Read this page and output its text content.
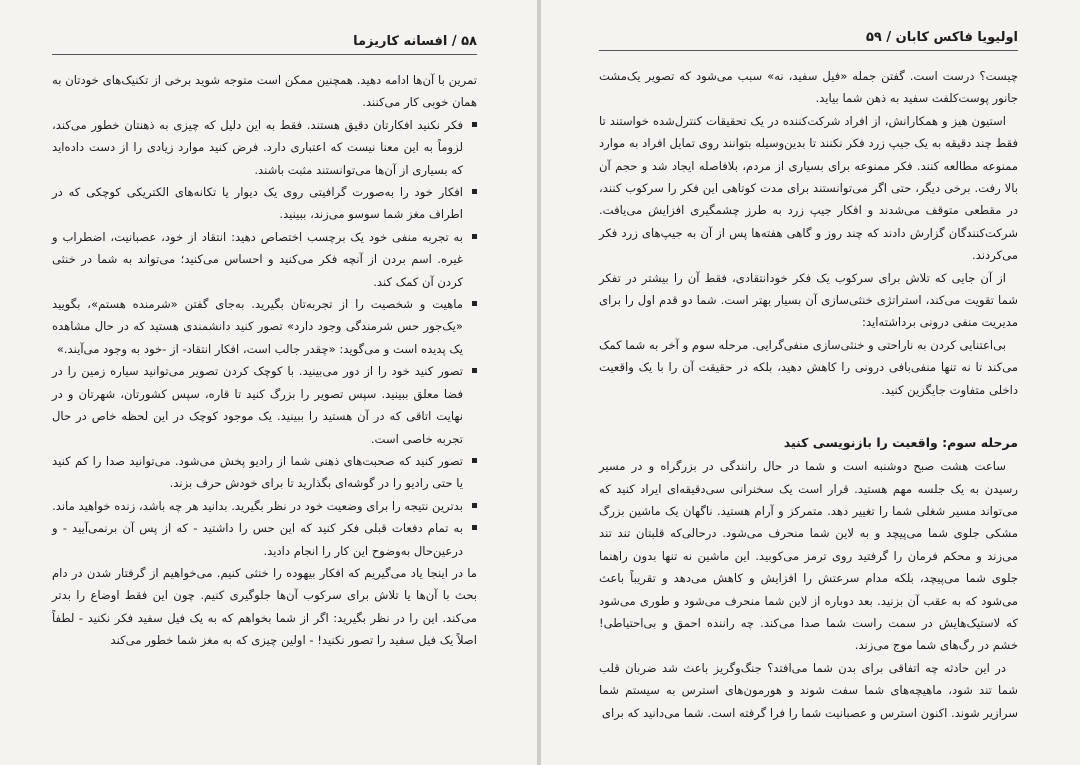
۵۸ / افسانه کاریزما

تمرین با آن‌ها ادامه دهید. همچنین ممکن است متوجه شوید برخی از تکنیک‌های خودتان به همان خوبی کار می‌کنند.

فکر نکنید افکارتان دقیق هستند. فقط به این دلیل که چیزی به ذهنتان خطور می‌کند، لزوماً به این معنا نیست که اعتباری دارد. فرض کنید موارد زیادی را از دست داده‌اید که بسیاری از آن‌ها می‌توانستند مثبت باشند.
افکار خود را به‌صورت گرافیتی روی یک دیوار یا تکانه‌های الکتریکی کوچکی که در اطراف مغز شما سوسو می‌زند، ببینید.
به تجربه منفی خود یک برچسب اختصاص دهید: انتقاد از خود، عصبانیت، اضطراب و غیره. اسم بردن از آنچه فکر می‌کنید و احساس می‌کنید؛ می‌تواند به شما در خنثی کردن آن کمک کند.
ماهیت و شخصیت را از تجربه‌تان بگیرید. به‌جای گفتن «شرمنده هستم»، بگویید «یک‌جور حس شرمندگی وجود دارد» تصور کنید دانشمندی هستید که در حال مشاهده یک پدیده است و می‌گوید: «چقدر جالب است، افکار انتقاد- از -خود به وجود می‌آیند.»
تصور کنید خود را از دور می‌بینید. با کوچک کردن تصویر می‌توانید سیاره زمین را در فضا معلق ببینید. سپس تصویر را بزرگ کنید تا قاره، سپس کشورتان، شهرتان و در نهایت اتاقی که در آن هستید را ببینید. یک موجود کوچک در این لحظه خاص در حال تجربه خاصی است.
تصور کنید که صحبت‌های ذهنی شما از رادیو پخش می‌شود. می‌توانید صدا را کم کنید یا حتی رادیو را در گوشه‌ای بگذارید تا برای خودش حرف بزند.
بدترین نتیجه را برای وضعیت خود در نظر بگیرید. بدانید هر چه باشد، زنده خواهید ماند.
به تمام دفعات قبلی فکر کنید که این حس را داشتید - که از پس آن برنمی‌آیید - و درعین‌حال به‌وضوح این کار را انجام دادید.

ما در اینجا یاد می‌گیریم که افکار بیهوده را خنثی کنیم. می‌خواهیم از گرفتار شدن در دام بحث با آن‌ها یا تلاش برای سرکوب آن‌ها جلوگیری کنیم. چون این فقط اوضاع را بدتر می‌کند. این را در نظر بگیرید: اگر از شما بخواهم که به یک فیل سفید فکر نکنید - لطفاً اصلاً یک فیل سفید را تصور نکنید! - اولین چیزی که به مغز شما خطور می‌کند

اولیویا فاکس کابان / ۵۹

چیست؟ درست است. گفتن جمله «فیل سفید، نه» سبب می‌شود که تصویر یک‌مشت جانور پوست‌کلفت سفید به ذهن شما بیاید.

استیون هیز و همکارانش، از افراد شرکت‌کننده در یک تحقیقات کنترل‌شده خواستند تا فقط چند دقیقه به یک جیپ زرد فکر نکنند تا بدین‌وسیله بتوانند روی تمایل افراد به موارد ممنوعه مطالعه کنند. فکر ممنوعه برای بسیاری از مردم، بلافاصله ایجاد شد و حجم آن بالا رفت. برخی دیگر، حتی اگر می‌توانستند برای مدت کوتاهی این فکر را سرکوب کنند، در مقطعی متوقف می‌شدند و افکار جیپ زرد به طرز چشمگیری افزایش می‌یافت. شرکت‌کنندگان گزارش دادند که چند روز و گاهی هفته‌ها پس از آن به جیپ‌های زرد فکر می‌کردند.

از آن جایی که تلاش برای سرکوب یک فکر خودانتقادی، فقط آن را بیشتر در تفکر شما تقویت می‌کند، استراتژی خنثی‌سازی آن بسیار بهتر است. شما دو قدم اول را برای مدیریت منفی درونی برداشته‌اید:

بی‌اعتنایی کردن به ناراحتی و خنثی‌سازی منفی‌گرایی. مرحله سوم و آخر به شما کمک می‌کند تا نه تنها منفی‌بافی درونی را کاهش دهید، بلکه در حقیقت آن را با یک واقعیت داخلی متفاوت جایگزین کنید.

مرحله سوم: واقعیت را بازنویسی کنید

ساعت هشت صبح دوشنبه است و شما در حال رانندگی در بزرگراه و در مسیر رسیدن به یک جلسه مهم هستید. قرار است یک سخنرانی سی‌دقیقه‌ای ایراد کنید که می‌تواند مسیر شغلی شما را تغییر دهد. متمرکز و آرام هستید. ناگهان یک ماشین بزرگ مشکی جلوی شما می‌پیچد و به لاین شما منحرف می‌شود. درحالی‌که قلبتان تند تند می‌زند و محکم فرمان را گرفتید روی ترمز می‌کوبید. این ماشین نه تنها بدون راهنما جلوی شما می‌پیچد، بلکه مدام سرعتش را افزایش و کاهش می‌دهد و تقریباً باعث می‌شود که به عقب آن بزنید. بعد دوباره از لاین شما منحرف می‌شود و طوری می‌شود که لاستیک‌هایش در سمت راست شما صدا می‌کند. چه راننده احمق و بی‌احتیاطی! خشم در رگ‌های شما موج می‌زند.

در این حادثه چه اتفاقی برای بدن شما می‌افتد؟ جنگ‌وگریز باعث شد ضربان قلب شما تند شود، ماهیچه‌های شما سفت شوند و هورمون‌های استرس به سیستم شما سرازیر شوند. اکنون استرس و عصبانیت شما را فرا گرفته است. شما می‌دانید که برای
